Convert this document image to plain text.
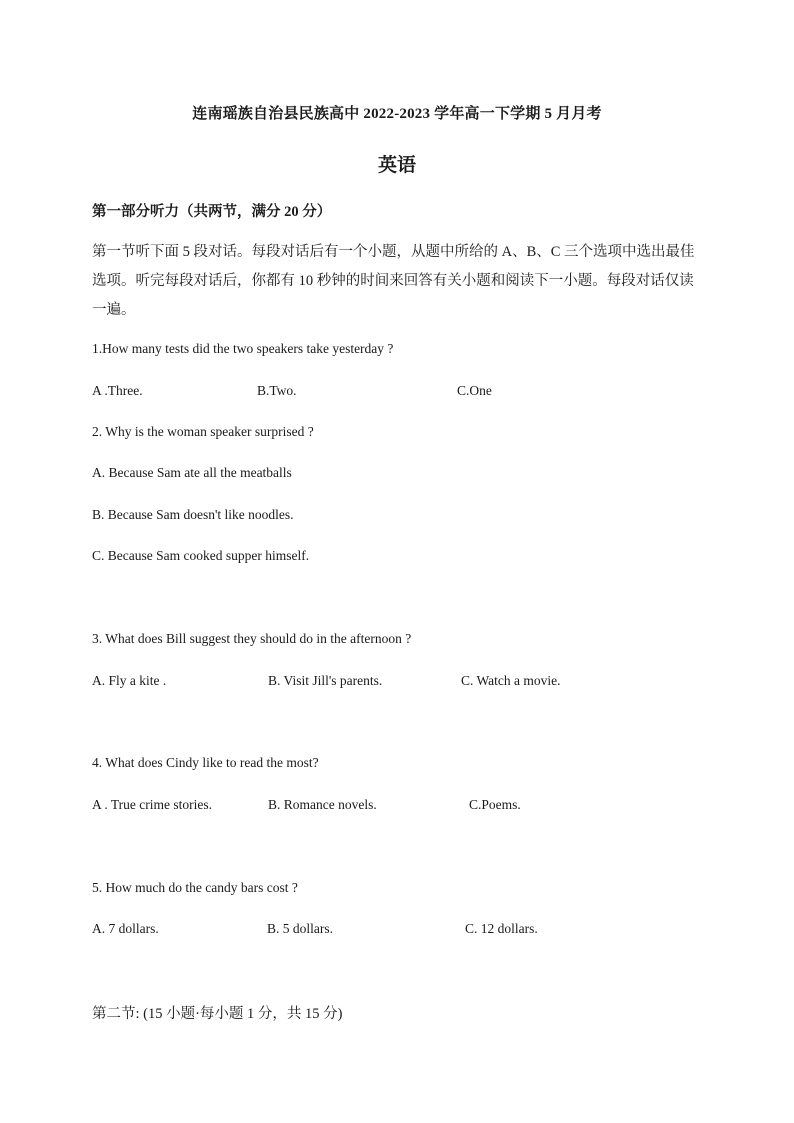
连南瑶族自治县民族高中 2022-2023 学年高一下学期 5 月月考
英语
第一部分听力（共两节，满分 20 分）

第一节听下面 5 段对话。每段对话后有一个小题，从题中所给的 A、B、C 三个选项中选出最佳选项。听完每段对话后，你都有 10 秒钟的时间来回答有关小题和阅读下一小题。每段对话仅读一遍。

1.How many tests did the two speakers take yesterday ?
A .Three.	B.Two.	C.One
2. Why is the woman speaker surprised ?
A. Because Sam ate all the meatballs
B. Because Sam doesn't like noodles.
C. Because Sam cooked supper himself.
3. What does Bill suggest they should do in the afternoon ?
A. Fly a kite .	B. Visit Jill's parents.	C. Watch a movie.
4. What does Cindy like to read the most?
A . True crime stories.	B. Romance novels.	C.Poems.
5. How much do the candy bars cost ?
A. 7 dollars.	B. 5 dollars.	C. 12 dollars.
第二节: (15 小题·每小题 1 分，共 15 分)
